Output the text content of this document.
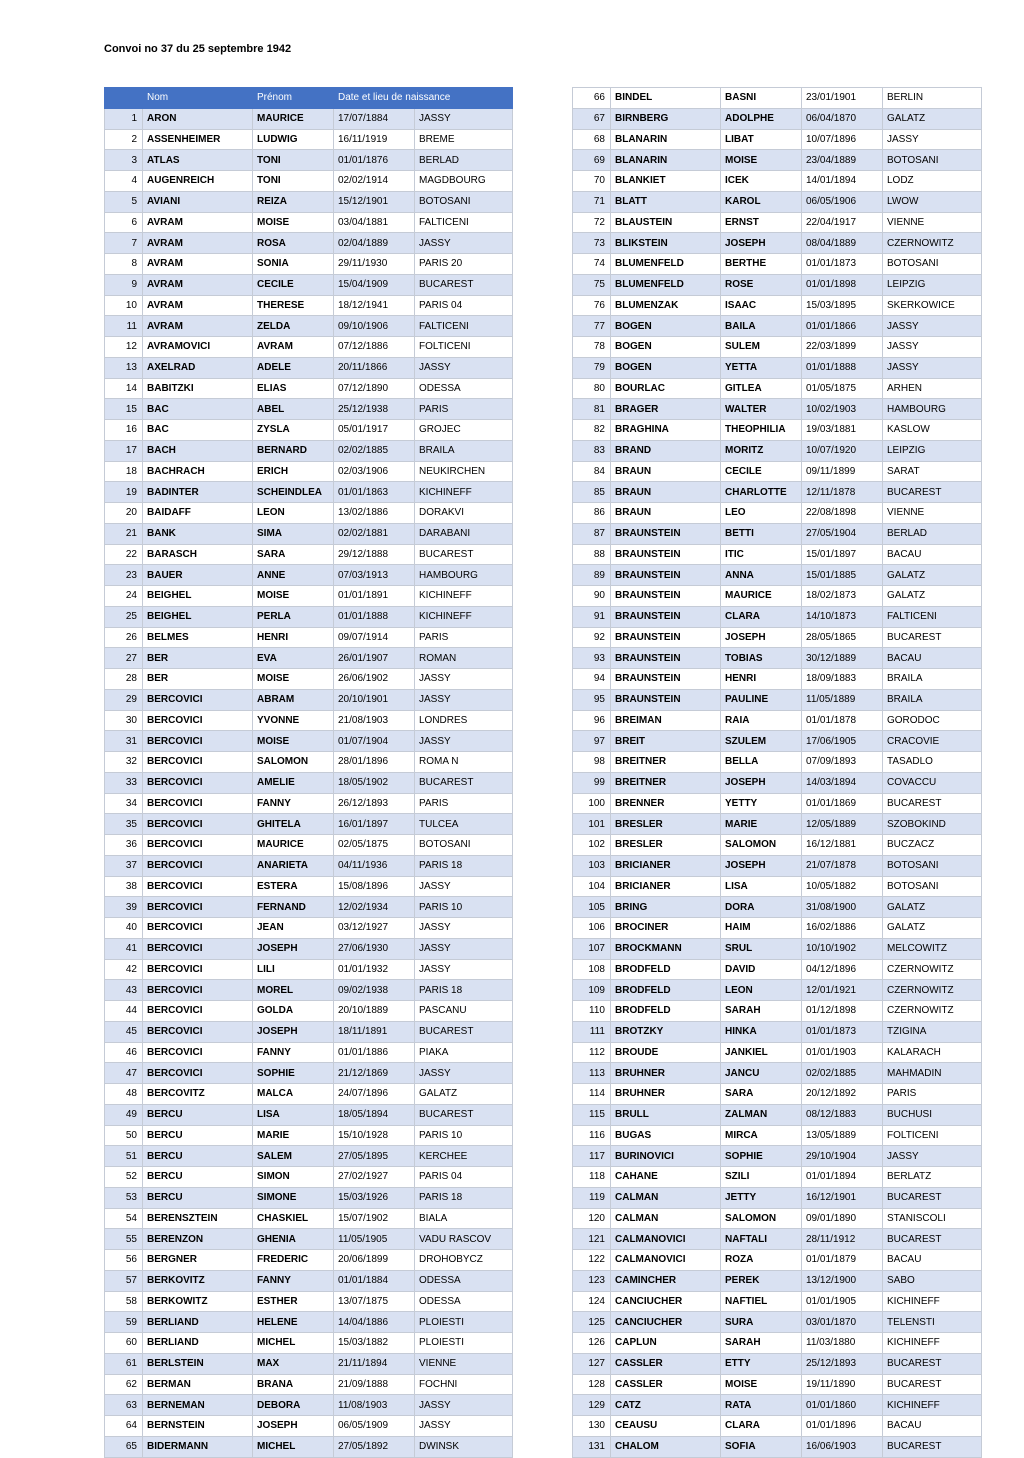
Convoi no 37 du 25 septembre 1942
	Nom	Prénom	Date et lieu de naissance	
1	ARON	MAURICE	17/07/1884	JASSY
2	ASSENHEIMER	LUDWIG	16/11/1919	BREME
3	ATLAS	TONI	01/01/1876	BERLAD
4	AUGENREICH	TONI	02/02/1914	MAGDBOURG
5	AVIANI	REIZA	15/12/1901	BOTOSANI
6	AVRAM	MOISE	03/04/1881	FALTICENI
7	AVRAM	ROSA	02/04/1889	JASSY
8	AVRAM	SONIA	29/11/1930	PARIS 20
9	AVRAM	CECILE	15/04/1909	BUCAREST
10	AVRAM	THERESE	18/12/1941	PARIS 04
11	AVRAM	ZELDA	09/10/1906	FALTICENI
12	AVRAMOVICI	AVRAM	07/12/1886	FOLTICENI
13	AXELRAD	ADELE	20/11/1866	JASSY
14	BABITZKI	ELIAS	07/12/1890	ODESSA
15	BAC	ABEL	25/12/1938	PARIS
16	BAC	ZYSLA	05/01/1917	GROJEC
17	BACH	BERNARD	02/02/1885	BRAILA
18	BACHRACH	ERICH	02/03/1906	NEUKIRCHEN
19	BADINTER	SCHEINDLEA	01/01/1863	KICHINEFF
20	BAIDAFF	LEON	13/02/1886	DORAKVI
21	BANK	SIMA	02/02/1881	DARABANI
22	BARASCH	SARA	29/12/1888	BUCAREST
23	BAUER	ANNE	07/03/1913	HAMBOURG
24	BEIGHEL	MOISE	01/01/1891	KICHINEFF
25	BEIGHEL	PERLA	01/01/1888	KICHINEFF
26	BELMES	HENRI	09/07/1914	PARIS
27	BER	EVA	26/01/1907	ROMAN
28	BER	MOISE	26/06/1902	JASSY
29	BERCOVICI	ABRAM	20/10/1901	JASSY
30	BERCOVICI	YVONNE	21/08/1903	LONDRES
31	BERCOVICI	MOISE	01/07/1904	JASSY
32	BERCOVICI	SALOMON	28/01/1896	ROMA N
33	BERCOVICI	AMELIE	18/05/1902	BUCAREST
34	BERCOVICI	FANNY	26/12/1893	PARIS
35	BERCOVICI	GHITELA	16/01/1897	TULCEA
36	BERCOVICI	MAURICE	02/05/1875	BOTOSANI
37	BERCOVICI	ANARIETA	04/11/1936	PARIS 18
38	BERCOVICI	ESTERA	15/08/1896	JASSY
39	BERCOVICI	FERNAND	12/02/1934	PARIS 10
40	BERCOVICI	JEAN	03/12/1927	JASSY
41	BERCOVICI	JOSEPH	27/06/1930	JASSY
42	BERCOVICI	LILI	01/01/1932	JASSY
43	BERCOVICI	MOREL	09/02/1938	PARIS 18
44	BERCOVICI	GOLDA	20/10/1889	PASCANU
45	BERCOVICI	JOSEPH	18/11/1891	BUCAREST
46	BERCOVICI	FANNY	01/01/1886	PIAKA
47	BERCOVICI	SOPHIE	21/12/1869	JASSY
48	BERCOVITZ	MALCA	24/07/1896	GALATZ
49	BERCU	LISA	18/05/1894	BUCAREST
50	BERCU	MARIE	15/10/1928	PARIS 10
51	BERCU	SALEM	27/05/1895	KERCHEE
52	BERCU	SIMON	27/02/1927	PARIS 04
53	BERCU	SIMONE	15/03/1926	PARIS 18
54	BERENSZTEIN	CHASKIEL	15/07/1902	BIALA
55	BERENZON	GHENIA	11/05/1905	VADU RASCOV
56	BERGNER	FREDERIC	20/06/1899	DROHOBYCZ
57	BERKOVITZ	FANNY	01/01/1884	ODESSA
58	BERKOWITZ	ESTHER	13/07/1875	ODESSA
59	BERLIAND	HELENE	14/04/1886	PLOIESTI
60	BERLIAND	MICHEL	15/03/1882	PLOIESTI
61	BERLSTEIN	MAX	21/11/1894	VIENNE
62	BERMAN	BRANA	21/09/1888	FOCHNI
63	BERNEMAN	DEBORA	11/08/1903	JASSY
64	BERNSTEIN	JOSEPH	06/05/1909	JASSY
65	BIDERMANN	MICHEL	27/05/1892	DWINSK
66	BINDEL	BASNI	23/01/1901	BERLIN
67	BIRNBERG	ADOLPHE	06/04/1870	GALATZ
68	BLANARIN	LIBAT	10/07/1896	JASSY
69	BLANARIN	MOISE	23/04/1889	BOTOSANI
70	BLANKIET	ICEK	14/01/1894	LODZ
71	BLATT	KAROL	06/05/1906	LWOW
72	BLAUSTEIN	ERNST	22/04/1917	VIENNE
73	BLIKSTEIN	JOSEPH	08/04/1889	CZERNOWITZ
74	BLUMENFELD	BERTHE	01/01/1873	BOTOSANI
75	BLUMENFELD	ROSE	01/01/1898	LEIPZIG
76	BLUMENZAK	ISAAC	15/03/1895	SKERKOWICE
77	BOGEN	BAILA	01/01/1866	JASSY
78	BOGEN	SULEM	22/03/1899	JASSY
79	BOGEN	YETTA	01/01/1888	JASSY
80	BOURLAC	GITLEA	01/05/1875	ARHEN
81	BRAGER	WALTER	10/02/1903	HAMBOURG
82	BRAGHINA	THEOPHILIA	19/03/1881	KASLOW
83	BRAND	MORITZ	10/07/1920	LEIPZIG
84	BRAUN	CECILE	09/11/1899	SARAT
85	BRAUN	CHARLOTTE	12/11/1878	BUCAREST
86	BRAUN	LEO	22/08/1898	VIENNE
87	BRAUNSTEIN	BETTI	27/05/1904	BERLAD
88	BRAUNSTEIN	ITIC	15/01/1897	BACAU
89	BRAUNSTEIN	ANNA	15/01/1885	GALATZ
90	BRAUNSTEIN	MAURICE	18/02/1873	GALATZ
91	BRAUNSTEIN	CLARA	14/10/1873	FALTICENI
92	BRAUNSTEIN	JOSEPH	28/05/1865	BUCAREST
93	BRAUNSTEIN	TOBIAS	30/12/1889	BACAU
94	BRAUNSTEIN	HENRI	18/09/1883	BRAILA
95	BRAUNSTEIN	PAULINE	11/05/1889	BRAILA
96	BREIMAN	RAIA	01/01/1878	GORODOC
97	BREIT	SZULEM	17/06/1905	CRACOVIE
98	BREITNER	BELLA	07/09/1893	TASADLO
99	BREITNER	JOSEPH	14/03/1894	COVACCU
100	BRENNER	YETTY	01/01/1869	BUCAREST
101	BRESLER	MARIE	12/05/1889	SZOBOKIND
102	BRESLER	SALOMON	16/12/1881	BUCZACZ
103	BRICIANER	JOSEPH	21/07/1878	BOTOSANI
104	BRICIANER	LISA	10/05/1882	BOTOSANI
105	BRING	DORA	31/08/1900	GALATZ
106	BROCINER	HAIM	16/02/1886	GALATZ
107	BROCKMANN	SRUL	10/10/1902	MELCOWITZ
108	BRODFELD	DAVID	04/12/1896	CZERNOWITZ
109	BRODFELD	LEON	12/01/1921	CZERNOWITZ
110	BRODFELD	SARAH	01/12/1898	CZERNOWITZ
111	BROTZKY	HINKA	01/01/1873	TZIGINA
112	BROUDE	JANKIEL	01/01/1903	KALARACH
113	BRUHNER	JANCU	02/02/1885	MAHMADIN
114	BRUHNER	SARA	20/12/1892	PARIS
115	BRULL	ZALMAN	08/12/1883	BUCHUSI
116	BUGAS	MIRCA	13/05/1889	FOLTICENI
117	BURINOVICI	SOPHIE	29/10/1904	JASSY
118	CAHANE	SZILI	01/01/1894	BERLATZ
119	CALMAN	JETTY	16/12/1901	BUCAREST
120	CALMAN	SALOMON	09/01/1890	STANISCOLI
121	CALMANOVICI	NAFTALI	28/11/1912	BUCAREST
122	CALMANOVICI	ROZA	01/01/1879	BACAU
123	CAMINCHER	PEREK	13/12/1900	SABO
124	CANCIUCHER	NAFTIEL	01/01/1905	KICHINEFF
125	CANCIUCHER	SURA	03/01/1870	TELENSTI
126	CAPLUN	SARAH	11/03/1880	KICHINEFF
127	CASSLER	ETTY	25/12/1893	BUCAREST
128	CASSLER	MOISE	19/11/1890	BUCAREST
129	CATZ	RATA	01/01/1860	KICHINEFF
130	CEAUSU	CLARA	01/01/1896	BACAU
131	CHALOM	SOFIA	16/06/1903	BUCAREST
